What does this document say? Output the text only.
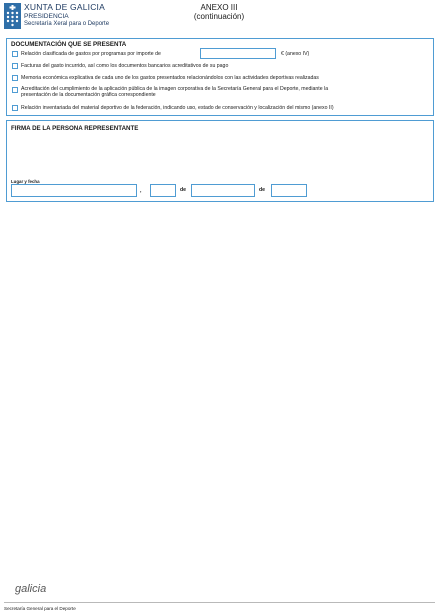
XUNTA DE GALICIA
PRESIDENCIA
Secretaría Xeral para o Deporte
ANEXO III
(continuación)
DOCUMENTACIÓN QUE SE PRESENTA
Relación clasificada de gastos por programas por importe de	€ (anexo IV)
Facturas del gasto incurrido, así como los documentos bancarios acreditativos de su pago
Memoria económica explicativa de cada uno de los gastos presentados relacionándolos con las actividades deportivas realizadas
Acreditación del cumplimiento de la aplicación pública de la imagen corporativa de la Secretaría General para el Deporte, mediante la
presentación de la documentación gráfica correspondiente
Relación inventariada del material deportivo de la federación, indicando uso, estado de conservación y localización del mismo (anexo II)
FIRMA DE LA PERSONA REPRESENTANTE
Lugar y fecha
,	de	de
galicia
Secretaría General para el Deporte
